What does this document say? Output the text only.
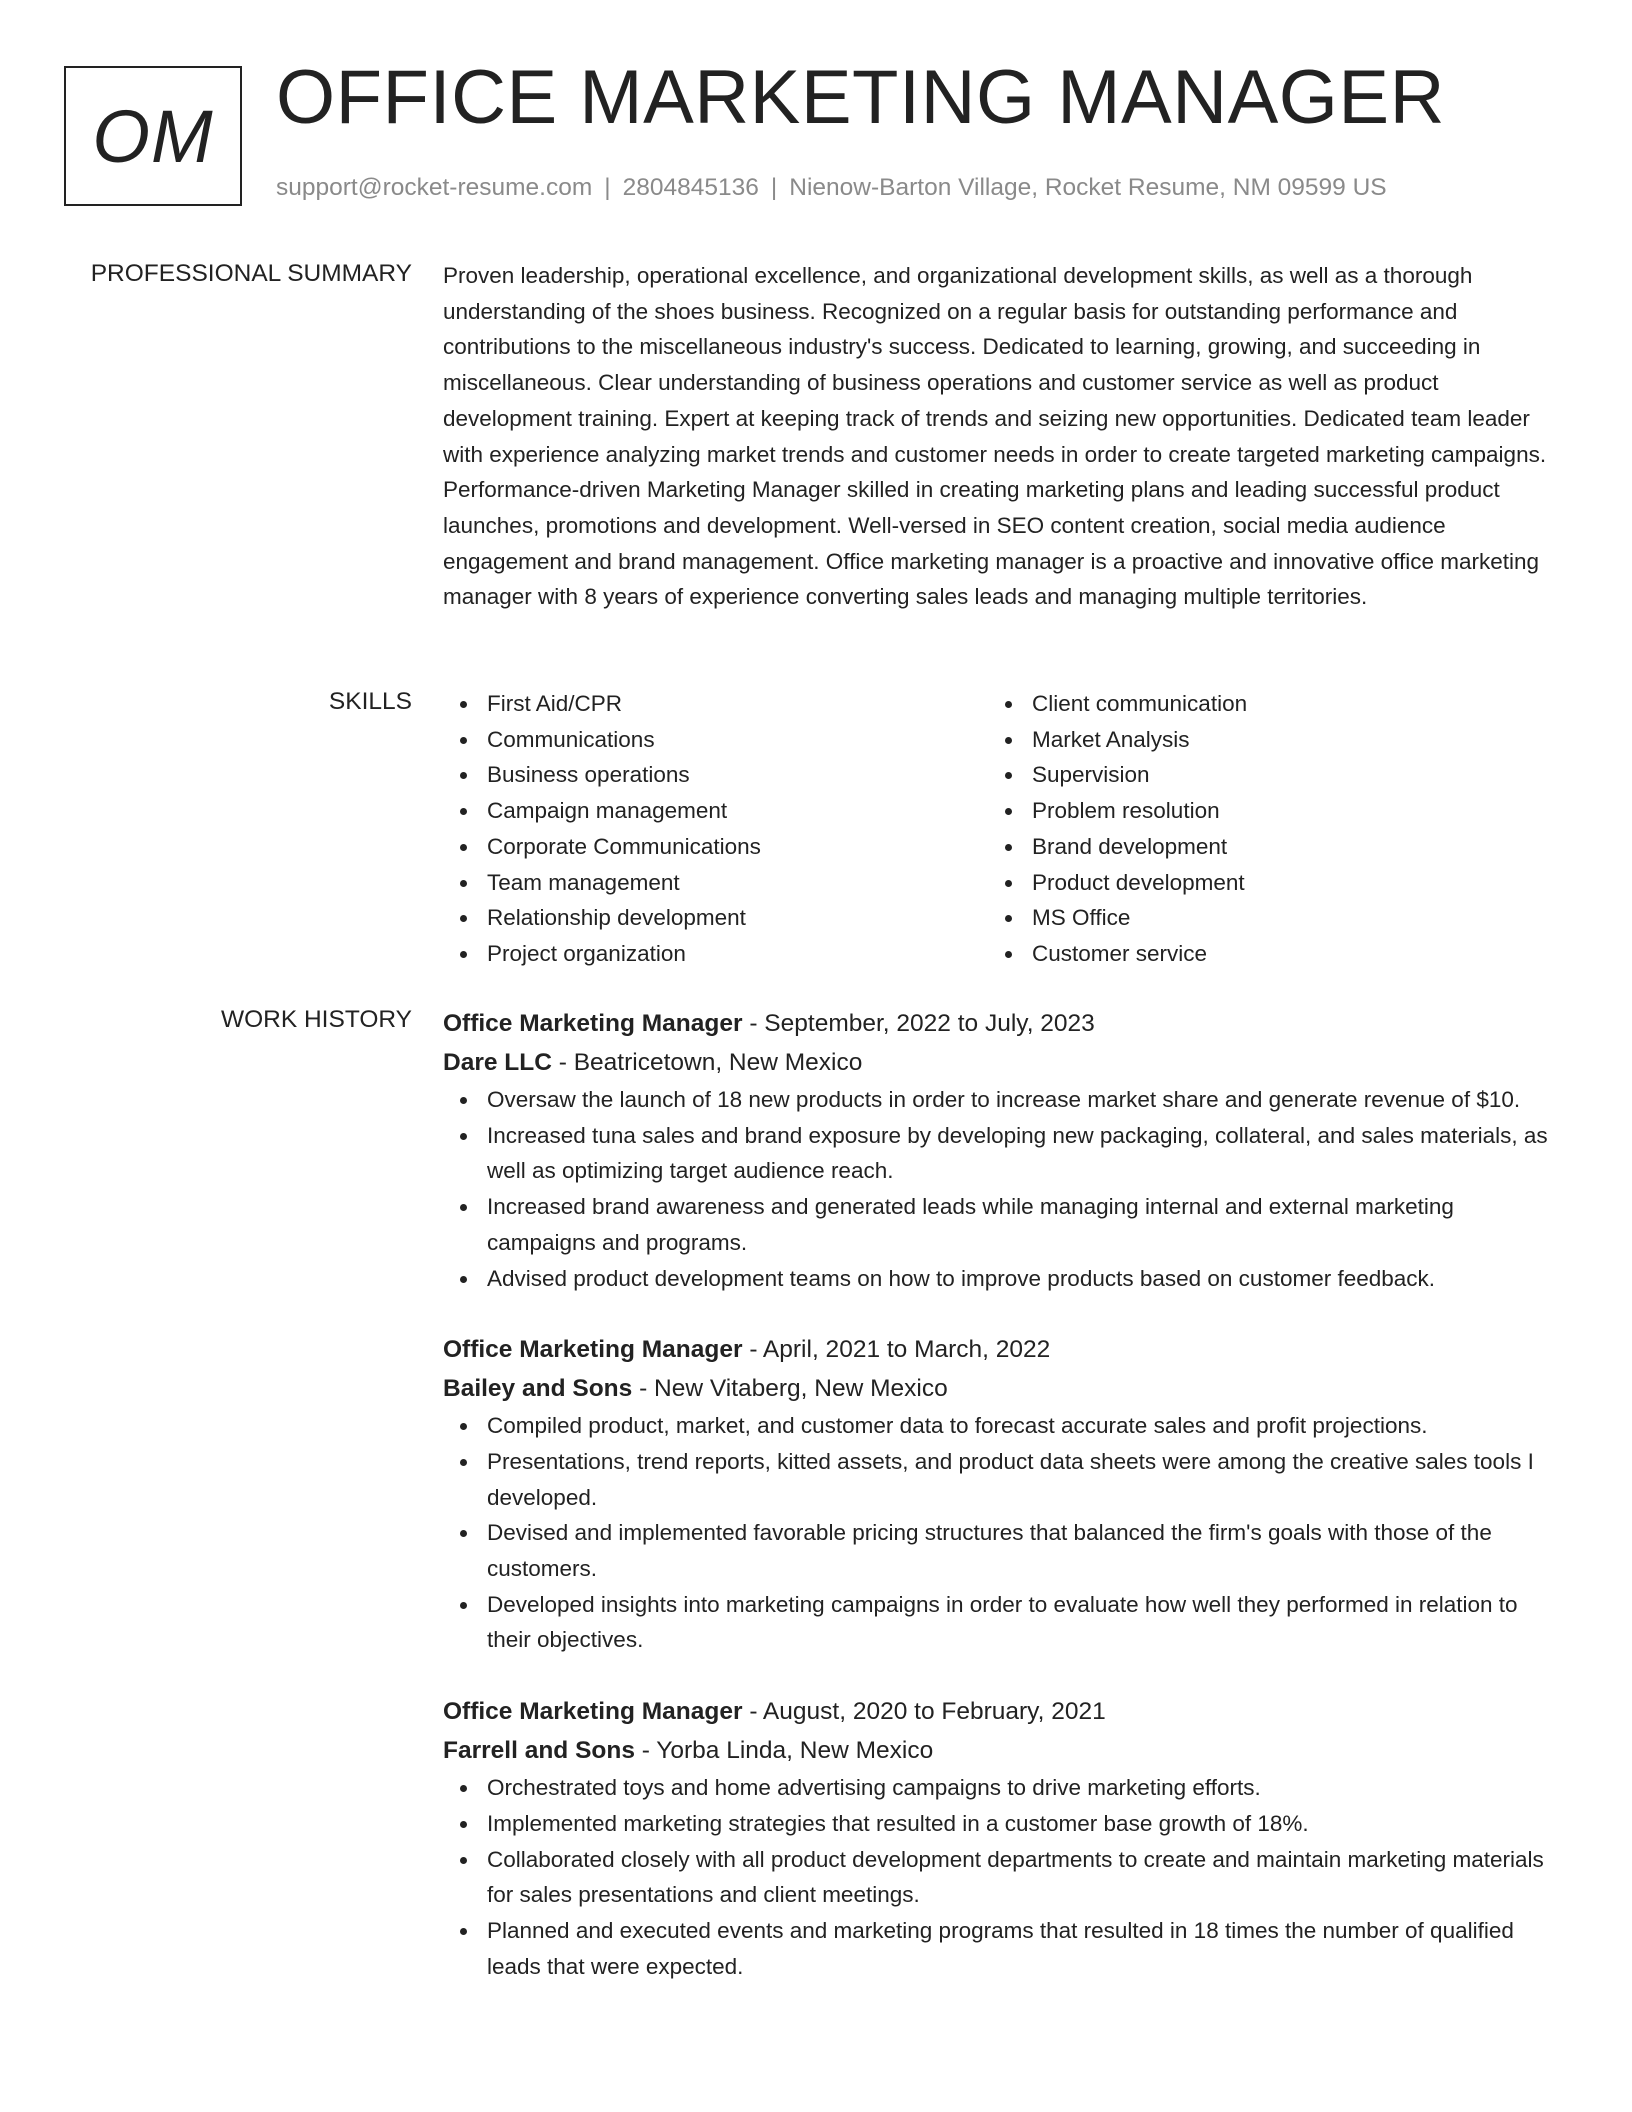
OM OFFICE MARKETING MANAGER
support@rocket-resume.com | 2804845136 | Nienow-Barton Village, Rocket Resume, NM 09599 US
PROFESSIONAL SUMMARY Proven leadership, operational excellence, and organizational development skills, as well as a thorough understanding of the shoes business. Recognized on a regular basis for outstanding performance and contributions to the miscellaneous industry's success. Dedicated to learning, growing, and succeeding in miscellaneous. Clear understanding of business operations and customer service as well as product development training. Expert at keeping track of trends and seizing new opportunities. Dedicated team leader with experience analyzing market trends and customer needs in order to create targeted marketing campaigns. Performance-driven Marketing Manager skilled in creating marketing plans and leading successful product launches, promotions and development. Well-versed in SEO content creation, social media audience engagement and brand management. Office marketing manager is a proactive and innovative office marketing manager with 8 years of experience converting sales leads and managing multiple territories.

SKILLS	First Aid/CPR
Communications
Business operations
Campaign management
Corporate Communications
Team management
Relationship development
Project organization
Client communication
Market Analysis
Supervision
Problem resolution
Brand development
Product development
MS Office
Customer service
WORK HISTORY Office Marketing Manager - September, 2022 to July, 2023
Dare LLC - Beatricetown, New Mexico
Oversaw the launch of 18 new products in order to increase market share and generate revenue of $10.
Increased tuna sales and brand exposure by developing new packaging, collateral, and sales materials, as well as optimizing target audience reach.
Increased brand awareness and generated leads while managing internal and external marketing campaigns and programs.
Advised product development teams on how to improve products based on customer feedback.
Office Marketing Manager - April, 2021 to March, 2022
Bailey and Sons - New Vitaberg, New Mexico
Compiled product, market, and customer data to forecast accurate sales and profit projections.
Presentations, trend reports, kitted assets, and product data sheets were among the creative sales tools I developed.
Devised and implemented favorable pricing structures that balanced the firm's goals with those of the customers.
Developed insights into marketing campaigns in order to evaluate how well they performed in relation to their objectives.
Office Marketing Manager - August, 2020 to February, 2021
Farrell and Sons - Yorba Linda, New Mexico
Orchestrated toys and home advertising campaigns to drive marketing efforts.
Implemented marketing strategies that resulted in a customer base growth of 18%.
Collaborated closely with all product development departments to create and maintain marketing materials for sales presentations and client meetings.
Planned and executed events and marketing programs that resulted in 18 times the number of qualified leads that were expected.
